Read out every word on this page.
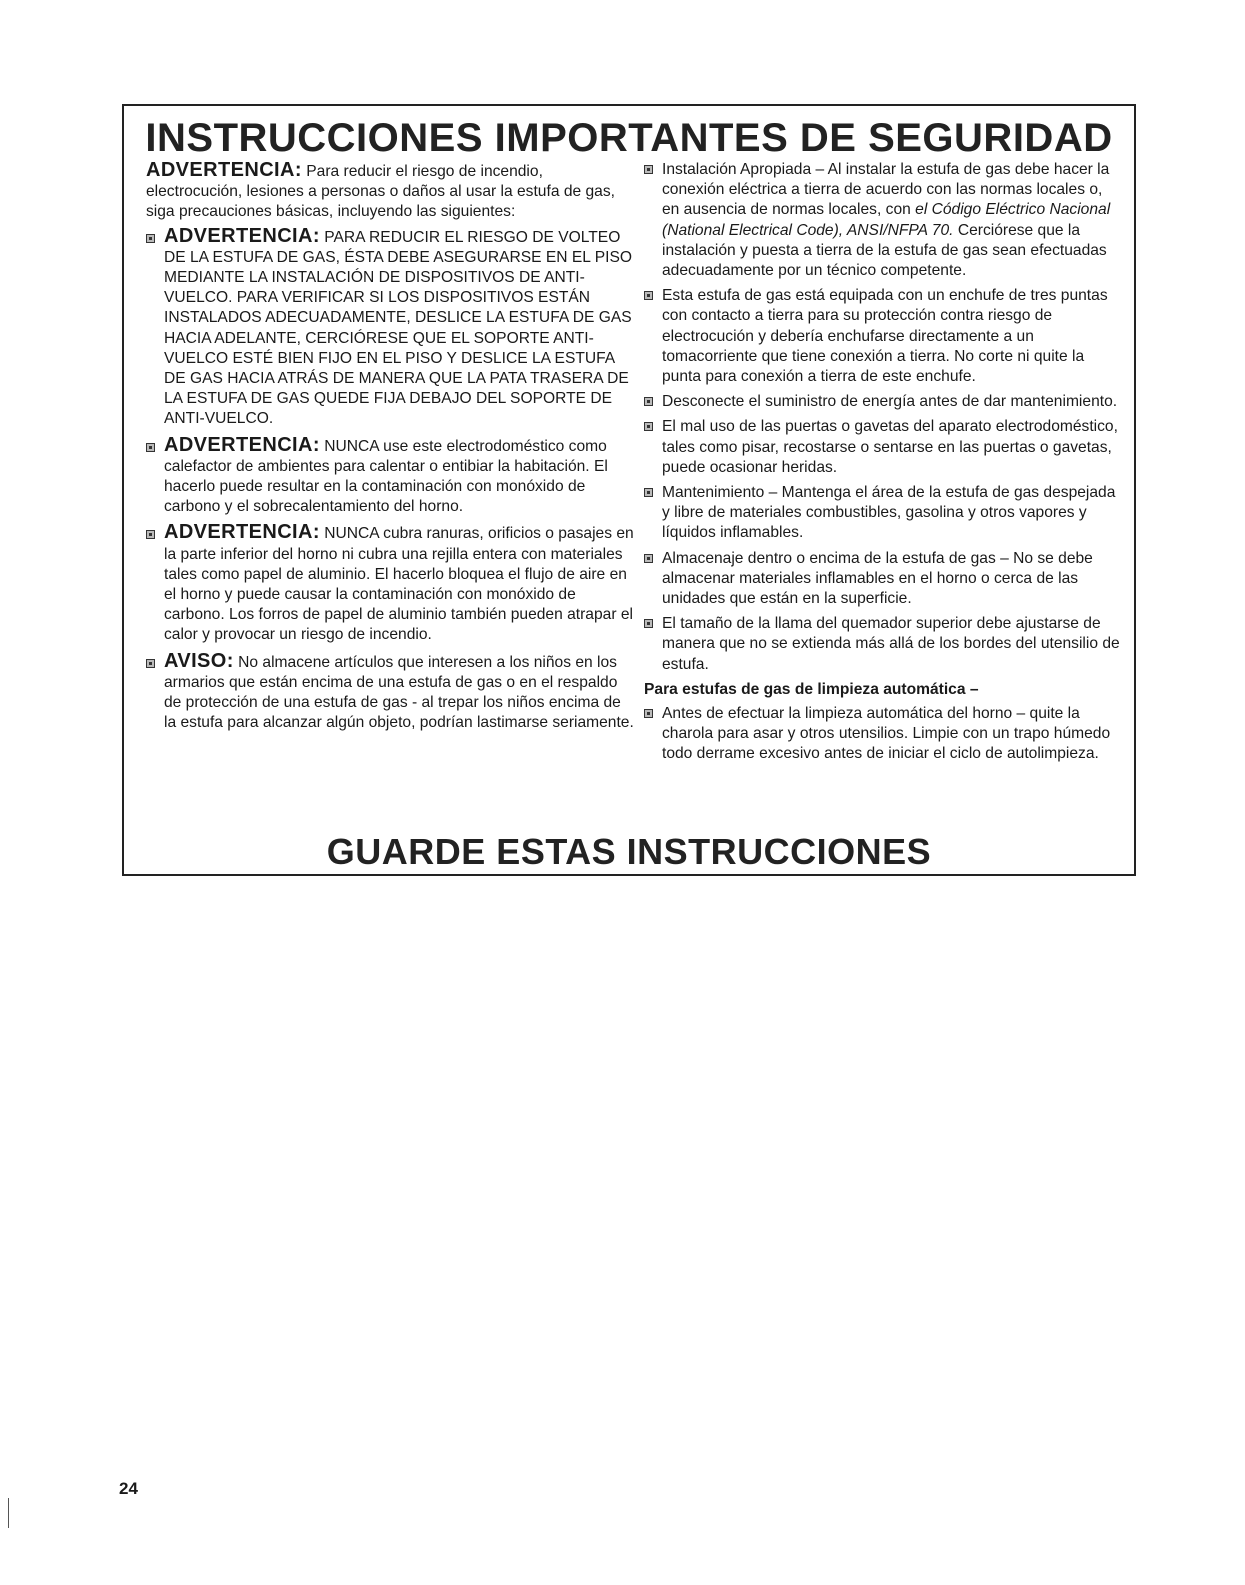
INSTRUCCIONES IMPORTANTES DE SEGURIDAD

ADVERTENCIA: Para reducir el riesgo de incendio, electrocución, lesiones a personas o daños al usar la estufa de gas, siga precauciones básicas, incluyendo las siguientes:

ADVERTENCIA: PARA REDUCIR EL RIESGO DE VOLTEO DE LA ESTUFA DE GAS, ÉSTA DEBE ASEGURARSE EN EL PISO MEDIANTE LA INSTALACIÓN DE DISPOSITIVOS DE ANTI-VUELCO. PARA VERIFICAR SI LOS DISPOSITIVOS ESTÁN INSTALADOS ADECUADAMENTE, DESLICE LA ESTUFA DE GAS HACIA ADELANTE, CERCIÓRESE QUE EL SOPORTE ANTI-VUELCO ESTÉ BIEN FIJO EN EL PISO Y DESLICE LA ESTUFA DE GAS HACIA ATRÁS DE MANERA QUE LA PATA TRASERA DE LA ESTUFA DE GAS QUEDE FIJA DEBAJO DEL SOPORTE DE ANTI-VUELCO.
ADVERTENCIA: NUNCA use este electrodoméstico como calefactor de ambientes para calentar o entibiar la habitación. El hacerlo puede resultar en la contaminación con monóxido de carbono y el sobrecalentamiento del horno.
ADVERTENCIA: NUNCA cubra ranuras, orificios o pasajes en la parte inferior del horno ni cubra una rejilla entera con materiales tales como papel de aluminio. El hacerlo bloquea el flujo de aire en el horno y puede causar la contaminación con monóxido de carbono. Los forros de papel de aluminio también pueden atrapar el calor y provocar un riesgo de incendio.
AVISO: No almacene artículos que interesen a los niños en los armarios que están encima de una estufa de gas o en el respaldo de protección de una estufa de gas - al trepar los niños encima de la estufa para alcanzar algún objeto, podrían lastimarse seriamente.
Instalación Apropiada – Al instalar la estufa de gas debe hacer la conexión eléctrica a tierra de acuerdo con las normas locales o, en ausencia de normas locales, con el Código Eléctrico Nacional (National Electrical Code), ANSI/NFPA 70. Cerciórese que la instalación y puesta a tierra de la estufa de gas sean efectuadas adecuadamente por un técnico competente.
Esta estufa de gas está equipada con un enchufe de tres puntas con contacto a tierra para su protección contra riesgo de electrocución y debería enchufarse directamente a un tomacorriente que tiene conexión a tierra. No corte ni quite la punta para conexión a tierra de este enchufe.
Desconecte el suministro de energía antes de dar mantenimiento.
El mal uso de las puertas o gavetas del aparato electrodoméstico, tales como pisar, recostarse o sentarse en las puertas o gavetas, puede ocasionar heridas.
Mantenimiento – Mantenga el área de la estufa de gas despejada y libre de materiales combustibles, gasolina y otros vapores y líquidos inflamables.
Almacenaje dentro o encima de la estufa de gas – No se debe almacenar materiales inflamables en el horno o cerca de las unidades que están en la superficie.
El tamaño de la llama del quemador superior debe ajustarse de manera que no se extienda más allá de los bordes del utensilio de estufa.

Para estufas de gas de limpieza automática –

Antes de efectuar la limpieza automática del horno – quite la charola para asar y otros utensilios. Limpie con un trapo húmedo todo derrame excesivo antes de iniciar el ciclo de autolimpieza.
GUARDE ESTAS INSTRUCCIONES
24
